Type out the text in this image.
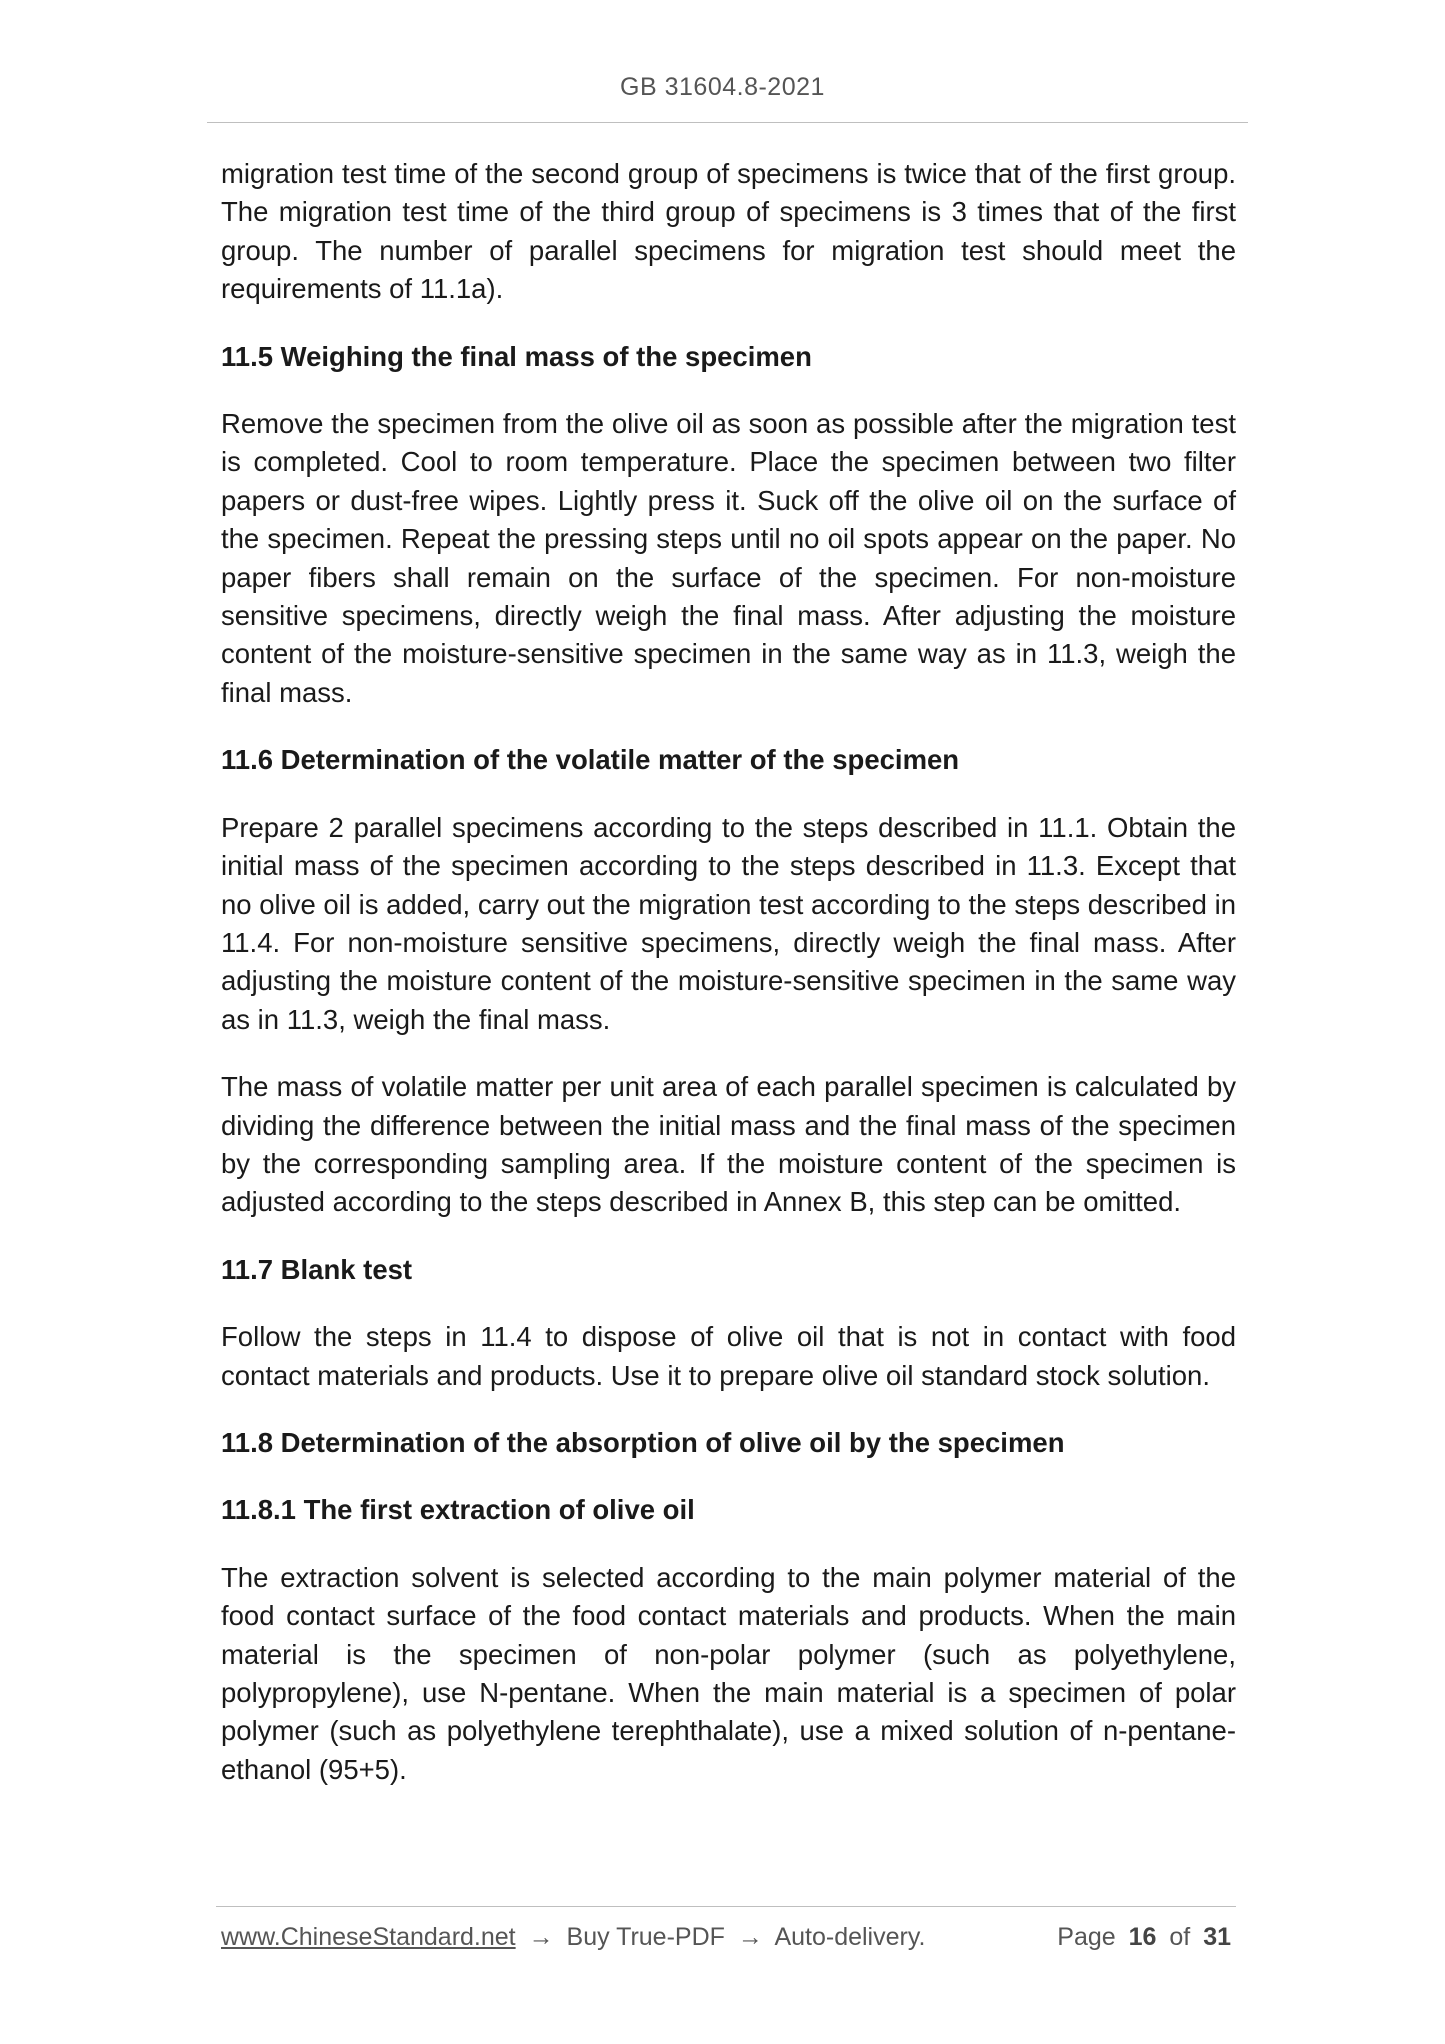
GB 31604.8-2021

migration test time of the second group of specimens is twice that of the first group. The migration test time of the third group of specimens is 3 times that of the first group. The number of parallel specimens for migration test should meet the requirements of 11.1a).

11.5 Weighing the final mass of the specimen

Remove the specimen from the olive oil as soon as possible after the migration test is completed. Cool to room temperature. Place the specimen between two filter papers or dust-free wipes. Lightly press it. Suck off the olive oil on the surface of the specimen. Repeat the pressing steps until no oil spots appear on the paper. No paper fibers shall remain on the surface of the specimen. For non-moisture sensitive specimens, directly weigh the final mass. After adjusting the moisture content of the moisture-sensitive specimen in the same way as in 11.3, weigh the final mass.

11.6 Determination of the volatile matter of the specimen

Prepare 2 parallel specimens according to the steps described in 11.1. Obtain the initial mass of the specimen according to the steps described in 11.3. Except that no olive oil is added, carry out the migration test according to the steps described in 11.4. For non-moisture sensitive specimens, directly weigh the final mass. After adjusting the moisture content of the moisture-sensitive specimen in the same way as in 11.3, weigh the final mass.

The mass of volatile matter per unit area of each parallel specimen is calculated by dividing the difference between the initial mass and the final mass of the specimen by the corresponding sampling area. If the moisture content of the specimen is adjusted according to the steps described in Annex B, this step can be omitted.

11.7 Blank test

Follow the steps in 11.4 to dispose of olive oil that is not in contact with food contact materials and products. Use it to prepare olive oil standard stock solution.

11.8 Determination of the absorption of olive oil by the specimen
11.8.1 The first extraction of olive oil

The extraction solvent is selected according to the main polymer material of the food contact surface of the food contact materials and products. When the main material is the specimen of non-polar polymer (such as polyethylene, polypropylene), use N-pentane. When the main material is a specimen of polar polymer (such as polyethylene terephthalate), use a mixed solution of n-pentane-ethanol (95+5).

www.ChineseStandard.net → Buy True-PDF → Auto-delivery.	Page 16 of 31
